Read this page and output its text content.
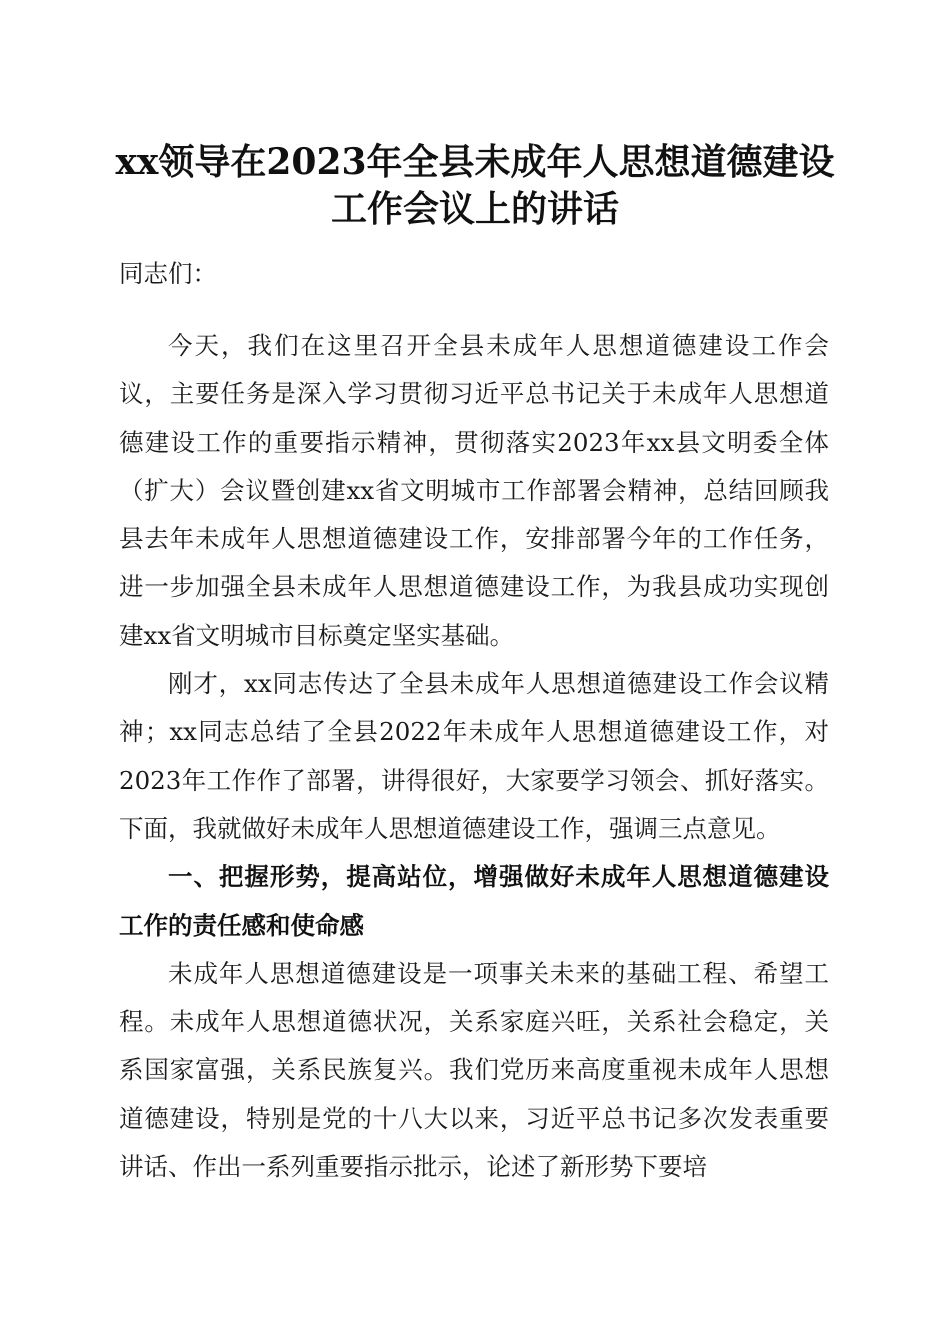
xx领导在2023年全县未成年人思想道德建设
工作会议上的讲话
同志们：

今天，我们在这里召开全县未成年人思想道德建设工作会议，主要任务是深入学习贯彻习近平总书记关于未成年人思想道德建设工作的重要指示精神，贯彻落实2023年xx县文明委全体（扩大）会议暨创建xx省文明城市工作部署会精神，总结回顾我县去年未成年人思想道德建设工作，安排部署今年的工作任务，进一步加强全县未成年人思想道德建设工作，为我县成功实现创建xx省文明城市目标奠定坚实基础。

刚才，xx同志传达了全县未成年人思想道德建设工作会议精神；xx同志总结了全县2022年未成年人思想道德建设工作，对2023年工作作了部署，讲得很好，大家要学习领会、抓好落实。下面，我就做好未成年人思想道德建设工作，强调三点意见。

一、把握形势，提高站位，增强做好未成年人思想道德建设工作的责任感和使命感

未成年人思想道德建设是一项事关未来的基础工程、希望工程。未成年人思想道德状况，关系家庭兴旺，关系社会稳定，关系国家富强，关系民族复兴。我们党历来高度重视未成年人思想道德建设，特别是党的十八大以来，习近平总书记多次发表重要讲话、作出一系列重要指示批示，论述了新形势下要培
